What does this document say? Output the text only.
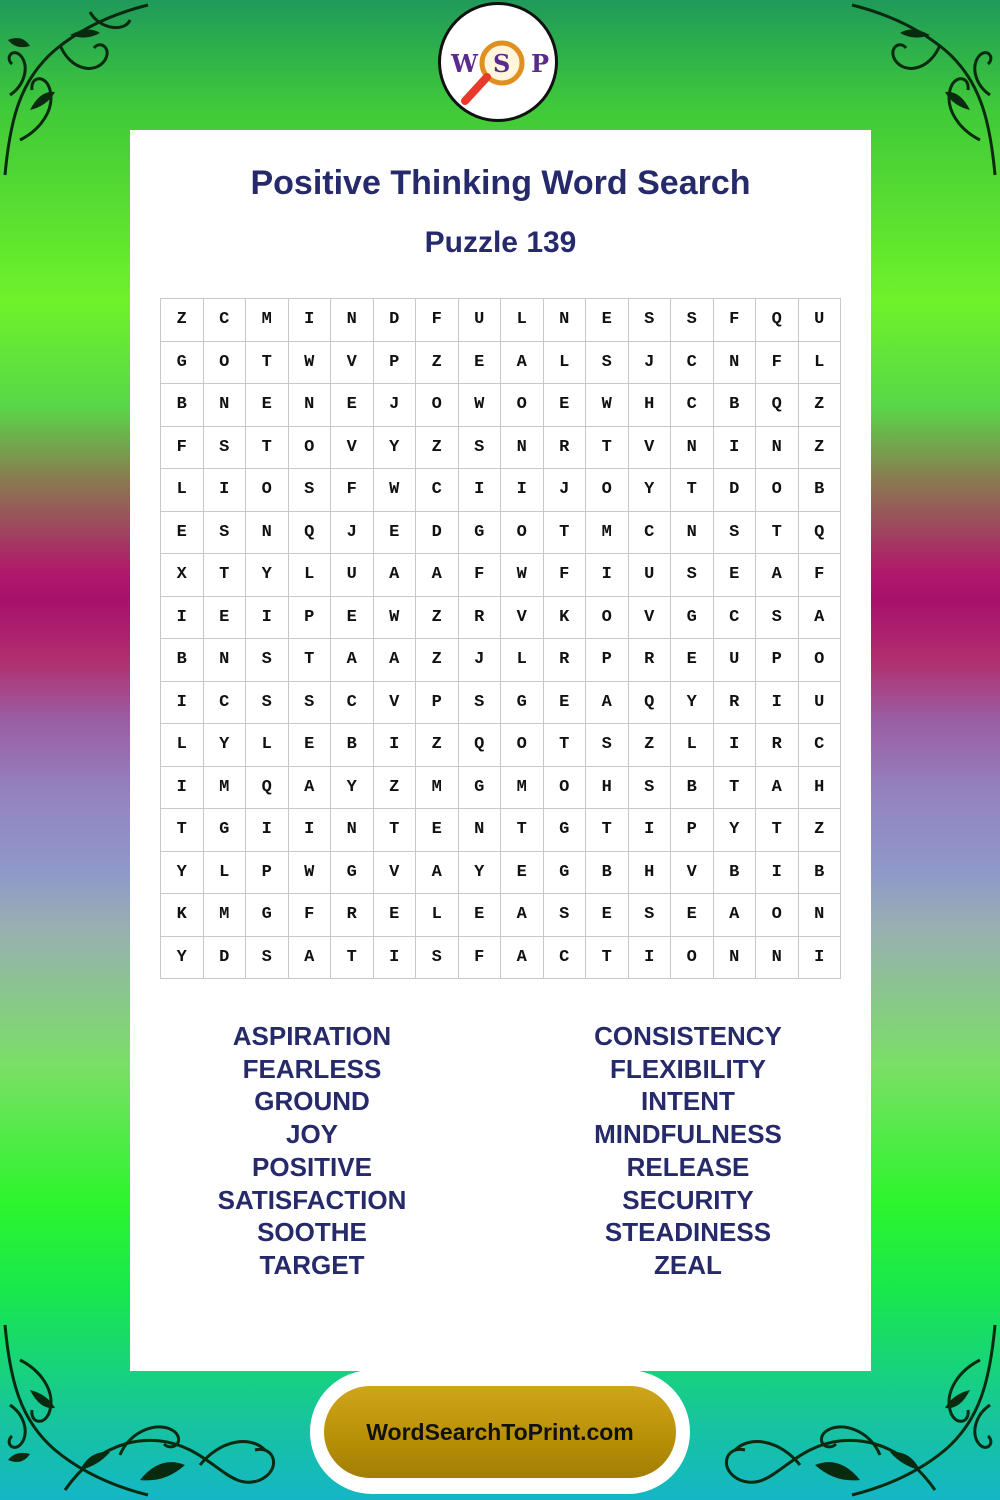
W S P
Positive Thinking Word Search
Puzzle 139
Z	C	M	I	N	D	F	U	L	N	E	S	S	F	Q	U
G	O	T	W	V	P	Z	E	A	L	S	J	C	N	F	L
B	N	E	N	E	J	O	W	O	E	W	H	C	B	Q	Z
F	S	T	O	V	Y	Z	S	N	R	T	V	N	I	N	Z
L	I	O	S	F	W	C	I	I	J	O	Y	T	D	O	B
E	S	N	Q	J	E	D	G	O	T	M	C	N	S	T	Q
X	T	Y	L	U	A	A	F	W	F	I	U	S	E	A	F
I	E	I	P	E	W	Z	R	V	K	O	V	G	C	S	A
B	N	S	T	A	A	Z	J	L	R	P	R	E	U	P	O
I	C	S	S	C	V	P	S	G	E	A	Q	Y	R	I	U
L	Y	L	E	B	I	Z	Q	O	T	S	Z	L	I	R	C
I	M	Q	A	Y	Z	M	G	M	O	H	S	B	T	A	H
T	G	I	I	N	T	E	N	T	G	T	I	P	Y	T	Z
Y	L	P	W	G	V	A	Y	E	G	B	H	V	B	I	B
K	M	G	F	R	E	L	E	A	S	E	S	E	A	O	N
Y	D	S	A	T	I	S	F	A	C	T	I	O	N	N	I
ASPIRATION
FEARLESS
GROUND
JOY
POSITIVE
SATISFACTION
SOOTHE
TARGET
CONSISTENCY
FLEXIBILITY
INTENT
MINDFULNESS
RELEASE
SECURITY
STEADINESS
ZEAL
WordSearchToPrint.com
